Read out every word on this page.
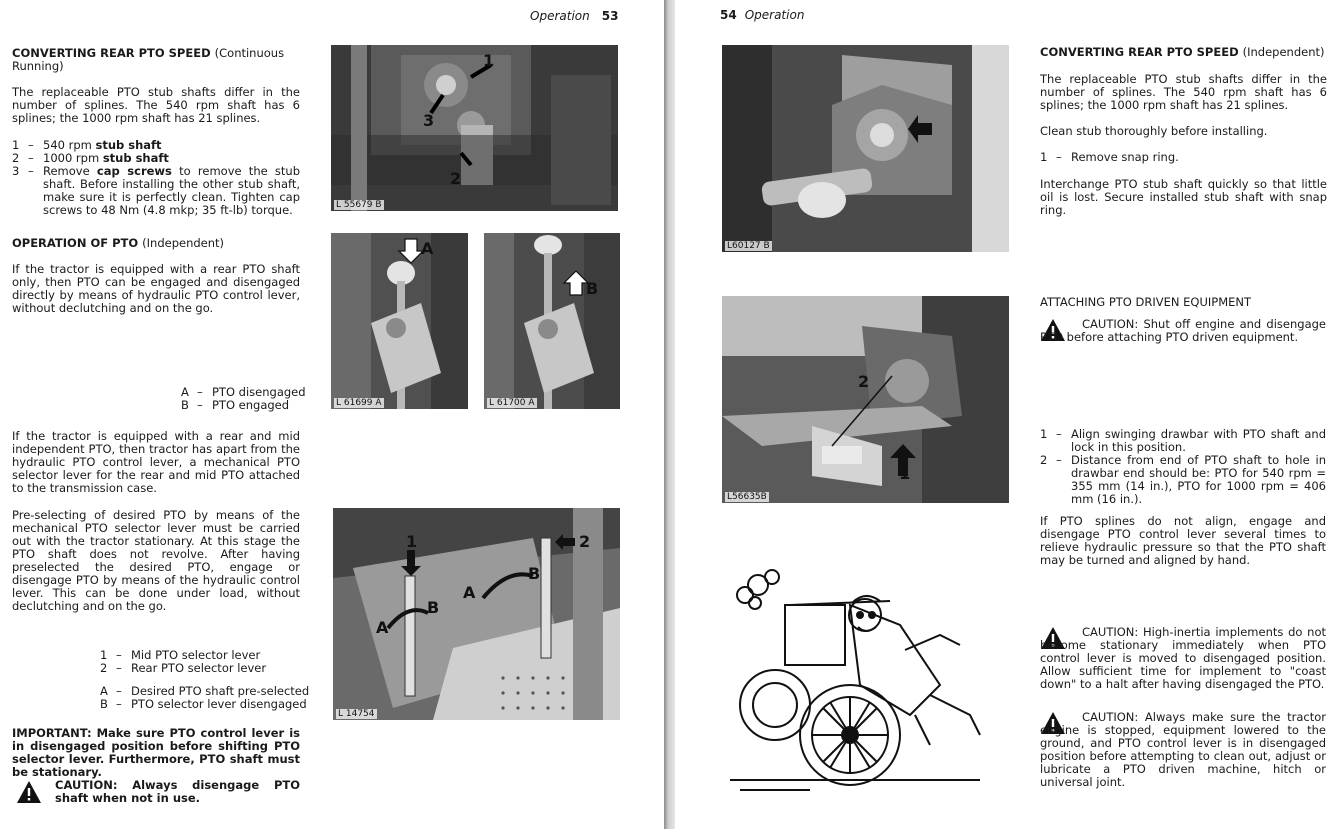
Operation 53
CONVERTING REAR PTO SPEED (Continuous
Running)

The replaceable PTO stub shafts differ in the number of splines. The 540 rpm shaft has 6 splines; the 1000 rpm shaft has 21 splines.

1 – 540 rpm stub shaft
2 – 1000 rpm stub shaft
3 – Remove cap screws to remove the stub shaft. Before installing the other stub shaft, make sure it is perfectly clean. Tighten cap screws to 48 Nm (4.8 mkp; 35 ft-lb) torque.
OPERATION OF PTO (Independent)

If the tractor is equipped with a rear PTO shaft only, then PTO can be engaged and disengaged directly by means of hydraulic PTO control lever, without declutching and on the go.

A – PTO disengaged
B – PTO engaged

If the tractor is equipped with a rear and mid independent PTO, then tractor has apart from the hydraulic PTO control lever, a mechanical PTO selector lever for the rear and mid PTO attached to the transmission case.

Pre-selecting of desired PTO by means of the mechanical PTO selector lever must be carried out with the tractor stationary. At this stage the PTO shaft does not revolve. After having preselected the desired PTO, engage or disengage PTO by means of the hydraulic control lever. This can be done under load, without declutching and on the go.

1 – Mid PTO selector lever
2 – Rear PTO selector lever
A – Desired PTO shaft pre-selected
B – PTO selector lever disengaged

IMPORTANT: Make sure PTO control lever is in disengaged position before shifting PTO selector lever. Furthermore, PTO shaft must be stationary.

CAUTION: Always disengage PTO shaft when not in use.

1
2
3
L 55679 B
A
L 61699 A
B
L 61700 A
1	2
A
B
A
B
L 14754
54 Operation
L60127 B
1
2
L56635B
CONVERTING REAR PTO SPEED (Independent)

The replaceable PTO stub shafts differ in the number of splines. The 540 rpm shaft has 6 splines; the 1000 rpm shaft has 21 splines.

Clean stub thoroughly before installing.

1 – Remove snap ring.

Interchange PTO stub shaft quickly so that little oil is lost. Secure installed stub shaft with snap ring.

ATTACHING PTO DRIVEN EQUIPMENT

CAUTION: Shut off engine and disengage PTO before attaching PTO driven equipment.

1 – Align swinging drawbar with PTO shaft and lock in this position.
2 – Distance from end of PTO shaft to hole in drawbar end should be: PTO for 540 rpm = 355 mm (14 in.), PTO for 1000 rpm = 406 mm (16 in.).

If PTO splines do not align, engage and disengage PTO control lever several times to relieve hydraulic pressure so that the PTO shaft may be turned and aligned by hand.

CAUTION: High-inertia implements do not become stationary immediately when PTO control lever is moved to disengaged position. Allow sufficient time for implement to "coast down" to a halt after having disengaged the PTO.

CAUTION: Always make sure the tractor engine is stopped, equipment lowered to the ground, and PTO control lever is in disengaged position before attempting to clean out, adjust or lubricate a PTO driven machine, hitch or universal joint.
